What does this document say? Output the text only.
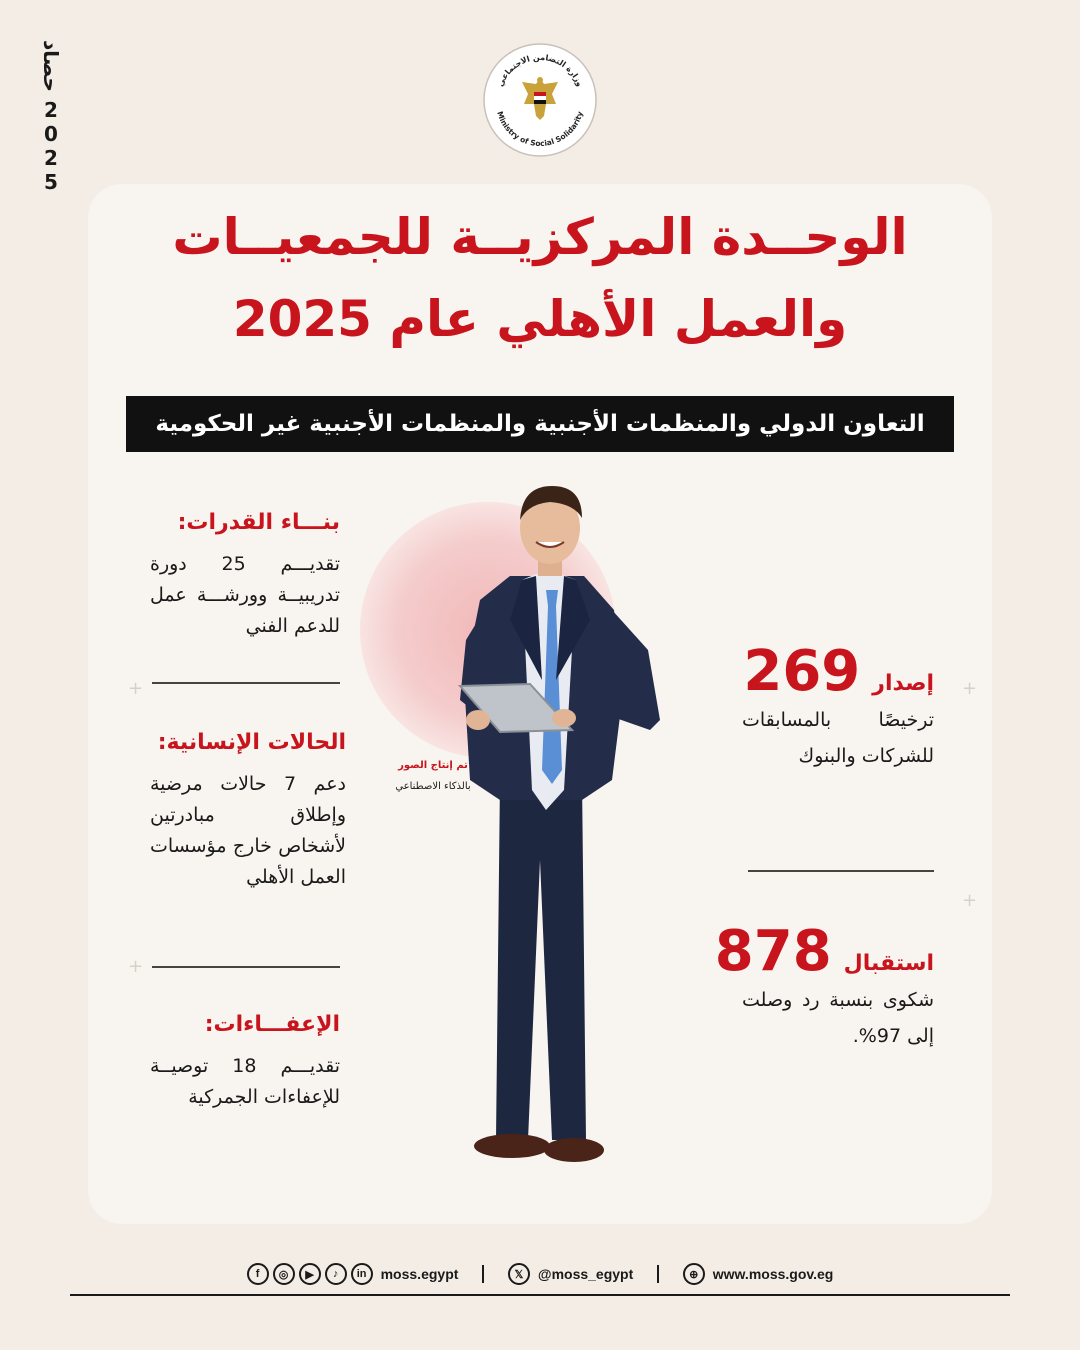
حصاد
2
0
2
5
وزارة التضامن الاجتماعي
Ministry of Social Solidarity
+
+
+
+
الوحــدة المركزيــة للجمعيــات
والعمل الأهلي عام 2025
التعاون الدولي والمنظمات الأجنبية والمنظمات الأجنبية غير الحكومية
تم إنتاج الصور
بالذكاء الاصطناعي
بنـــاء القدرات:
تقديـــم 25 دورة تدريبيــة وورشـــة عمل للدعم الفني
الحالات الإنسانية:
دعم 7 حالات مرضية وإطلاق مبادرتين لأشخاص خارج مؤسسات العمل الأهلي
الإعفـــاءات:
تقديـــم 18 توصيــة للإعفاءات الجمركية
إصدار
269
ترخيصًا بالمسابقات للشركات والبنوك
استقبال
878
شكوى بنسبة رد وصلت إلى 97%.
f	◎	▶	♪	in	moss.egypt	𝕏	@moss_egypt	⊕	www.moss.gov.eg
